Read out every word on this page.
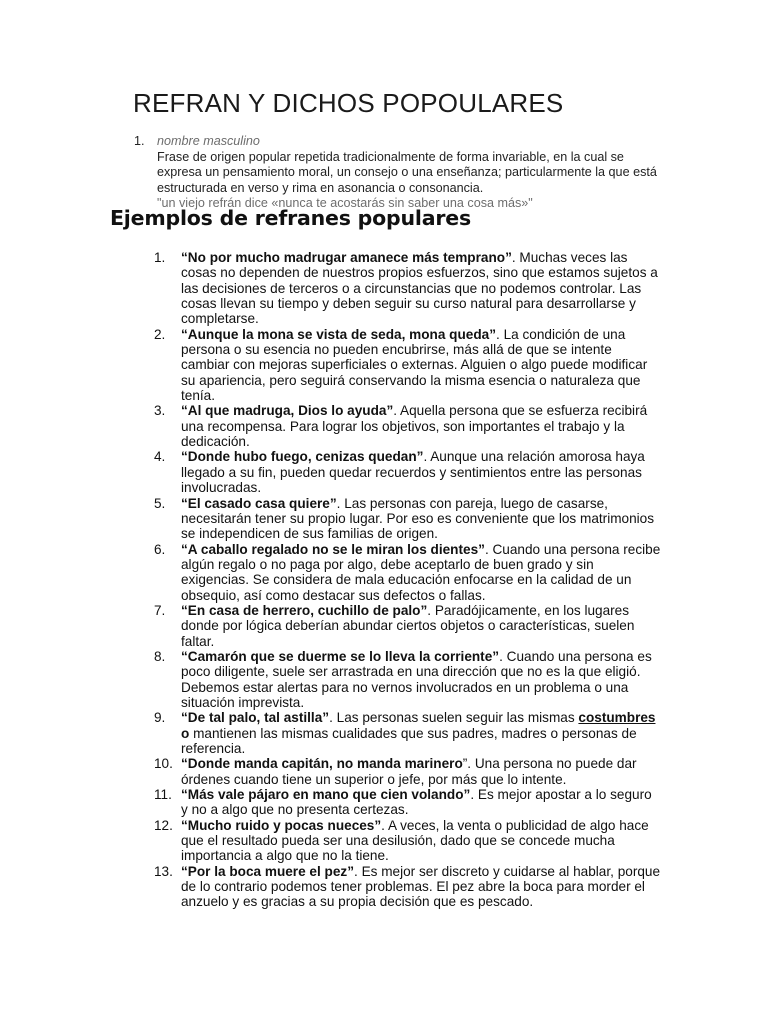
REFRAN Y DICHOS POPOULARES
1. nombre masculino
Frase de origen popular repetida tradicionalmente de forma invariable, en la cual se expresa un pensamiento moral, un consejo o una enseñanza; particularmente la que está estructurada en verso y rima en asonancia o consonancia.
"un viejo refrán dice «nunca te acostarás sin saber una cosa más»"
Ejemplos de refranes populares
1. “No por mucho madrugar amanece más temprano”. Muchas veces las cosas no dependen de nuestros propios esfuerzos, sino que estamos sujetos a las decisiones de terceros o a circunstancias que no podemos controlar. Las cosas llevan su tiempo y deben seguir su curso natural para desarrollarse y completarse.
2. “Aunque la mona se vista de seda, mona queda”. La condición de una persona o su esencia no pueden encubrirse, más allá de que se intente cambiar con mejoras superficiales o externas. Alguien o algo puede modificar su apariencia, pero seguirá conservando la misma esencia o naturaleza que tenía.
3. “Al que madruga, Dios lo ayuda”. Aquella persona que se esfuerza recibirá una recompensa. Para lograr los objetivos, son importantes el trabajo y la dedicación.
4. “Donde hubo fuego, cenizas quedan”. Aunque una relación amorosa haya llegado a su fin, pueden quedar recuerdos y sentimientos entre las personas involucradas.
5. “El casado casa quiere”. Las personas con pareja, luego de casarse, necesitarán tener su propio lugar. Por eso es conveniente que los matrimonios se independicen de sus familias de origen.
6. “A caballo regalado no se le miran los dientes”. Cuando una persona recibe algún regalo o no paga por algo, debe aceptarlo de buen grado y sin exigencias. Se considera de mala educación enfocarse en la calidad de un obsequio, así como destacar sus defectos o fallas.
7. “En casa de herrero, cuchillo de palo”. Paradójicamente, en los lugares donde por lógica deberían abundar ciertos objetos o características, suelen faltar.
8. “Camarón que se duerme se lo lleva la corriente”. Cuando una persona es poco diligente, suele ser arrastrada en una dirección que no es la que eligió. Debemos estar alertas para no vernos involucrados en un problema o una situación imprevista.
9. “De tal palo, tal astilla”. Las personas suelen seguir las mismas costumbres o mantienen las mismas cualidades que sus padres, madres o personas de referencia.
10. “Donde manda capitán, no manda marinero”. Una persona no puede dar órdenes cuando tiene un superior o jefe, por más que lo intente.
11. “Más vale pájaro en mano que cien volando”. Es mejor apostar a lo seguro y no a algo que no presenta certezas.
12. “Mucho ruido y pocas nueces”. A veces, la venta o publicidad de algo hace que el resultado pueda ser una desilusión, dado que se concede mucha importancia a algo que no la tiene.
13. “Por la boca muere el pez”. Es mejor ser discreto y cuidarse al hablar, porque de lo contrario podemos tener problemas. El pez abre la boca para morder el anzuelo y es gracias a su propia decisión que es pescado.
